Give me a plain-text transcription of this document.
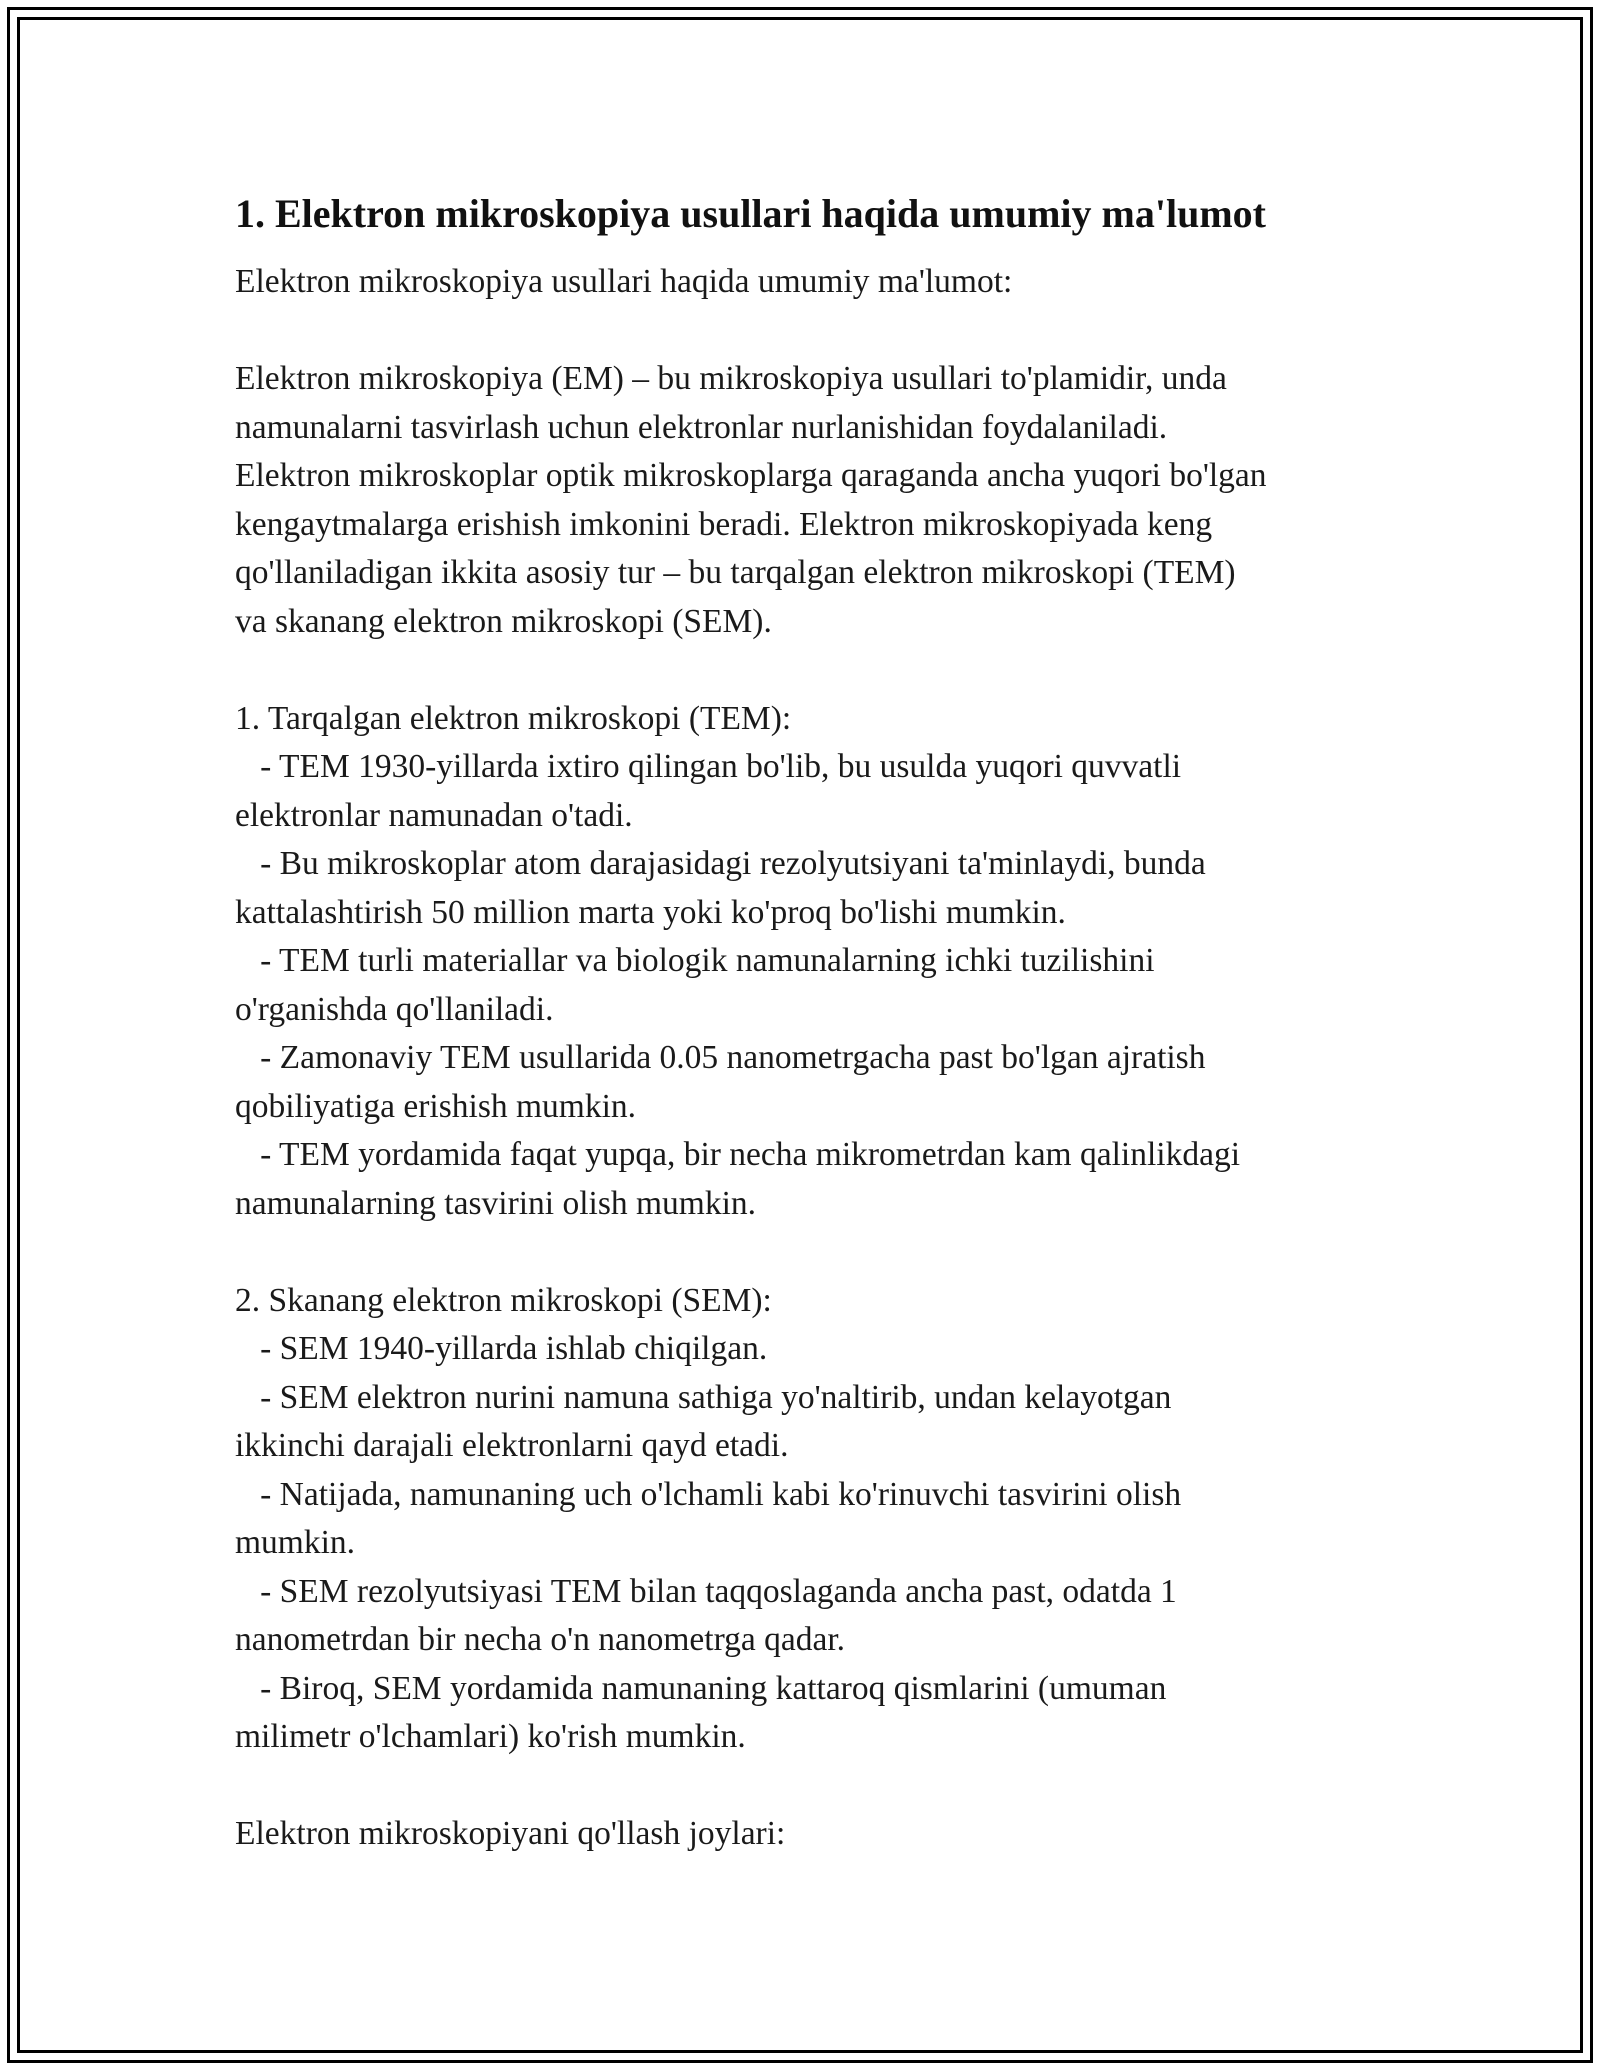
1. Elektron mikroskopiya usullari haqida umumiy ma'lumot

Elektron mikroskopiya usullari haqida umumiy ma'lumot:

Elektron mikroskopiya (EM) – bu mikroskopiya usullari to'plamidir, unda
namunalarni tasvirlash uchun elektronlar nurlanishidan foydalaniladi.
Elektron mikroskoplar optik mikroskoplarga qaraganda ancha yuqori bo'lgan
kengaytmalarga erishish imkonini beradi. Elektron mikroskopiyada keng
qo'llaniladigan ikkita asosiy tur – bu tarqalgan elektron mikroskopi (TEM)
va skanang elektron mikroskopi (SEM).

1. Tarqalgan elektron mikroskopi (TEM):
- TEM 1930-yillarda ixtiro qilingan bo'lib, bu usulda yuqori quvvatli
elektronlar namunadan o'tadi.
- Bu mikroskoplar atom darajasidagi rezolyutsiyani ta'minlaydi, bunda
kattalashtirish 50 million marta yoki ko'proq bo'lishi mumkin.
- TEM turli materiallar va biologik namunalarning ichki tuzilishini
o'rganishda qo'llaniladi.
- Zamonaviy TEM usullarida 0.05 nanometrgacha past bo'lgan ajratish
qobiliyatiga erishish mumkin.
- TEM yordamida faqat yupqa, bir necha mikrometrdan kam qalinlikdagi
namunalarning tasvirini olish mumkin.

2. Skanang elektron mikroskopi (SEM):
- SEM 1940-yillarda ishlab chiqilgan.
- SEM elektron nurini namuna sathiga yo'naltirib, undan kelayotgan
ikkinchi darajali elektronlarni qayd etadi.
- Natijada, namunaning uch o'lchamli kabi ko'rinuvchi tasvirini olish
mumkin.
- SEM rezolyutsiyasi TEM bilan taqqoslaganda ancha past, odatda 1
nanometrdan bir necha o'n nanometrga qadar.
- Biroq, SEM yordamida namunaning kattaroq qismlarini (umuman
milimetr o'lchamlari) ko'rish mumkin.

Elektron mikroskopiyani qo'llash joylari:
